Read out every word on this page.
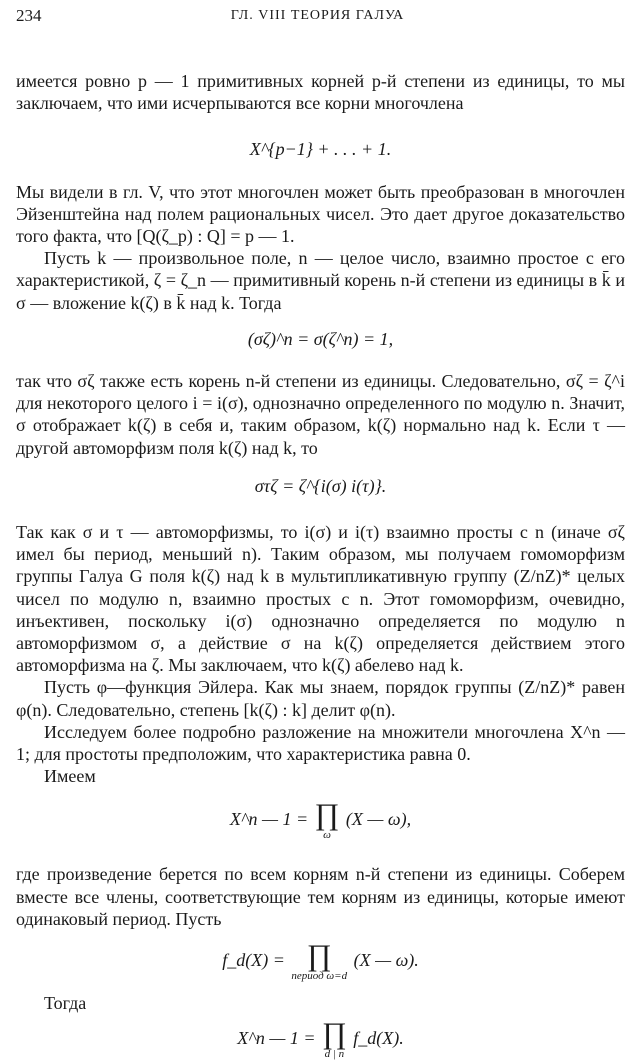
234	ГЛ. VIII ТЕОРИЯ ГАЛУА

имеется ровно p — 1 примитивных корней p-й степени из единицы, то мы заключаем, что ими исчерпываются все корни многочлена

X^{p−1} + . . . + 1.

Мы видели в гл. V, что этот многочлен может быть преобразован в многочлен Эйзенштейна над полем рациональных чисел. Это дает другое доказательство того факта, что [Q(ζ_p) : Q] = p — 1.

Пусть k — произвольное поле, n — целое число, взаимно простое с его характеристикой, ζ = ζ_n — примитивный корень n-й степени из единицы в k̄ и σ — вложение k(ζ) в k̄ над k. Тогда

(σζ)^n = σ(ζ^n) = 1,

так что σζ также есть корень n-й степени из единицы. Следовательно, σζ = ζ^i для некоторого целого i = i(σ), однозначно определенного по модулю n. Значит, σ отображает k(ζ) в себя и, таким образом, k(ζ) нормально над k. Если τ — другой автоморфизм поля k(ζ) над k, то

στζ = ζ^{i(σ) i(τ)}.

Так как σ и τ — автоморфизмы, то i(σ) и i(τ) взаимно просты с n (иначе σζ имел бы период, меньший n). Таким образом, мы получаем гомоморфизм группы Галуа G поля k(ζ) над k в мультипликативную группу (Z/nZ)* целых чисел по модулю n, взаимно простых с n. Этот гомоморфизм, очевидно, инъективен, поскольку i(σ) однозначно определяется по модулю n автоморфизмом σ, а действие σ на k(ζ) определяется действием этого автоморфизма на ζ. Мы заключаем, что k(ζ) абелево над k.

Пусть φ—функция Эйлера. Как мы знаем, порядок группы (Z/nZ)* равен φ(n). Следовательно, степень [k(ζ) : k] делит φ(n).

Исследуем более подробно разложение на множители многочлена X^n — 1; для простоты предположим, что характеристика равна 0.

Имеем

X^n — 1 = ∏
ω
(X — ω),

где произведение берется по всем корням n-й степени из единицы. Соберем вместе все члены, соответствующие тем корням из единицы, которые имеют одинаковый период. Пусть

f_d(X) = ∏
период ω=d
(X — ω).

Тогда

X^n — 1 = ∏
d | n
f_d(X).
